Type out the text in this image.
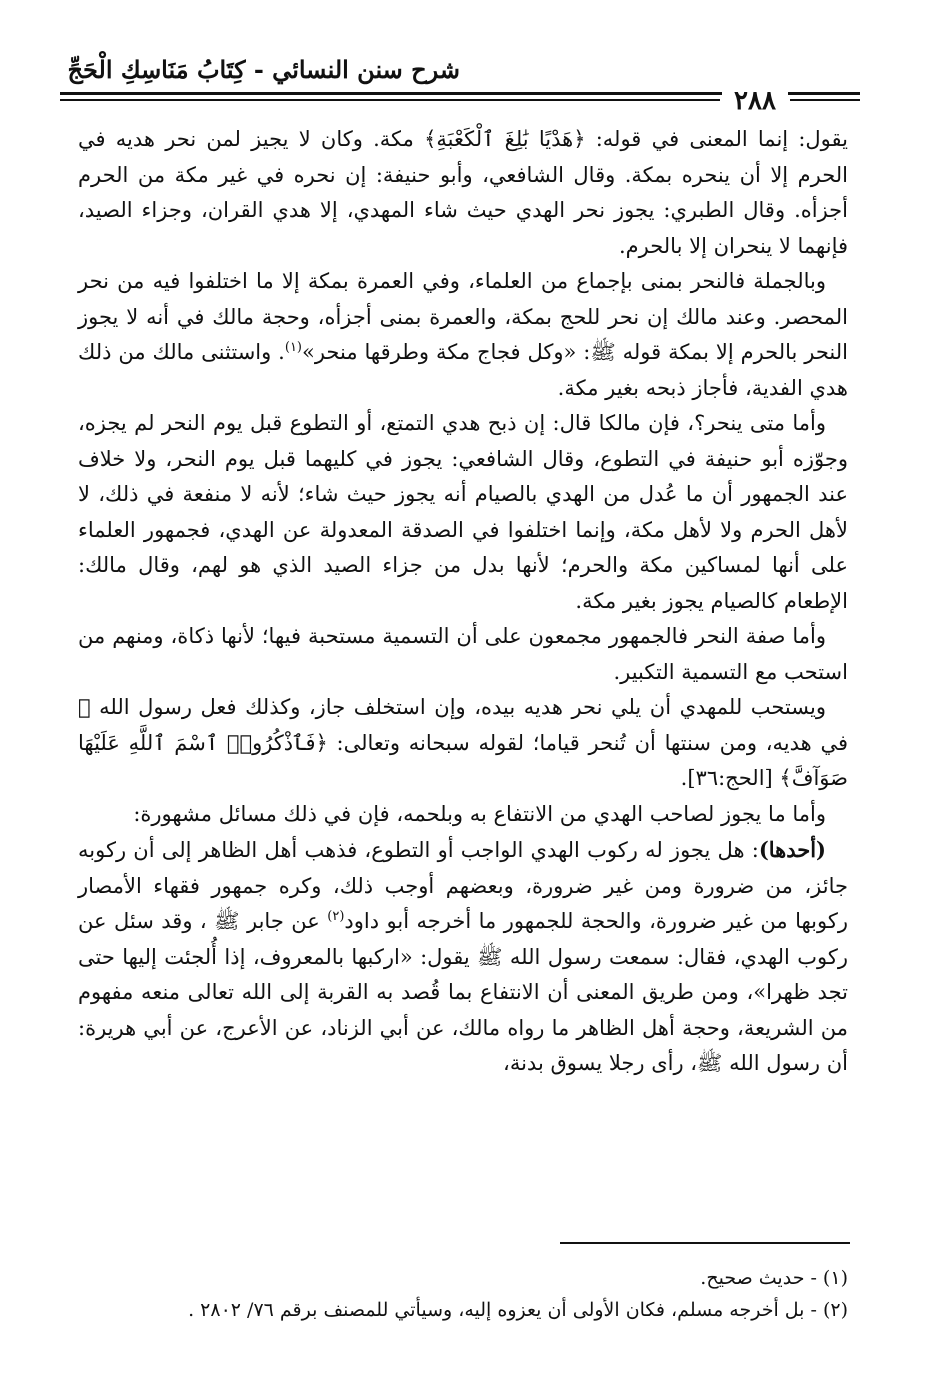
شرح سنن النسائي - كِتَابُ مَنَاسِكِ الْحَجِّ
٢٨٨

يقول: إنما المعنى في قوله: ﴿هَدْيًا بَٰلِغَ ٱلْكَعْبَةِ﴾ مكة. وكان لا يجيز لمن نحر هديه في الحرم إلا أن ينحره بمكة. وقال الشافعي، وأبو حنيفة: إن نحره في غير مكة من الحرم أجزأه. وقال الطبري: يجوز نحر الهدي حيث شاء المهدي، إلا هدي القران، وجزاء الصيد، فإنهما لا ينحران إلا بالحرم.

وبالجملة فالنحر بمنى بإجماع من العلماء، وفي العمرة بمكة إلا ما اختلفوا فيه من نحر المحصر. وعند مالك إن نحر للحج بمكة، والعمرة بمنى أجزأه، وحجة مالك في أنه لا يجوز النحر بالحرم إلا بمكة قوله ﷺ: «وكل فجاج مكة وطرقها منحر»$^{(١)}$. واستثنى مالك من ذلك هدي الفدية، فأجاز ذبحه بغير مكة.

وأما متى ينحر؟، فإن مالكا قال: إن ذبح هدي التمتع، أو التطوع قبل يوم النحر لم يجزه، وجوّزه أبو حنيفة في التطوع، وقال الشافعي: يجوز في كليهما قبل يوم النحر، ولا خلاف عند الجمهور أن ما عُدل من الهدي بالصيام أنه يجوز حيث شاء؛ لأنه لا منفعة في ذلك، لا لأهل الحرم ولا لأهل مكة، وإنما اختلفوا في الصدقة المعدولة عن الهدي، فجمهور العلماء على أنها لمساكين مكة والحرم؛ لأنها بدل من جزاء الصيد الذي هو لهم، وقال مالك: الإطعام كالصيام يجوز بغير مكة.

وأما صفة النحر فالجمهور مجمعون على أن التسمية مستحبة فيها؛ لأنها ذكاة، ومنهم من استحب مع التسمية التكبير.

ويستحب للمهدي أن يلي نحر هديه بيده، وإن استخلف جاز، وكذلك فعل رسول الله ﷺ في هديه، ومن سنتها أن تُنحر قياما؛ لقوله سبحانه وتعالى: ﴿فَٱذْكُرُوا۟ ٱسْمَ ٱللَّهِ عَلَيْهَا صَوَآفَّ﴾ [الحج:٣٦].

وأما ما يجوز لصاحب الهدي من الانتفاع به وبلحمه، فإن في ذلك مسائل مشهورة:

(أحدها): هل يجوز له ركوب الهدي الواجب أو التطوع، فذهب أهل الظاهر إلى أن ركوبه جائز، من ضرورة ومن غير ضرورة، وبعضهم أوجب ذلك، وكره جمهور فقهاء الأمصار ركوبها من غير ضرورة، والحجة للجمهور ما أخرجه أبو داود$^{(٢)}$ عن جابر ﷺ ، وقد سئل عن ركوب الهدي، فقال: سمعت رسول الله ﷺ يقول: «اركبها بالمعروف، إذا أُلجئت إليها حتى تجد ظهرا»، ومن طريق المعنى أن الانتفاع بما قُصد به القربة إلى الله تعالى منعه مفهوم من الشريعة، وحجة أهل الظاهر ما رواه مالك، عن أبي الزناد، عن الأعرج، عن أبي هريرة: أن رسول الله ﷺ، رأى رجلا يسوق بدنة،

(١) - حديث صحيح.

(٢) - بل أخرجه مسلم، فكان الأولى أن يعزوه إليه، وسيأتي للمصنف برقم ٧٦/ ٢٨٠٢ .
